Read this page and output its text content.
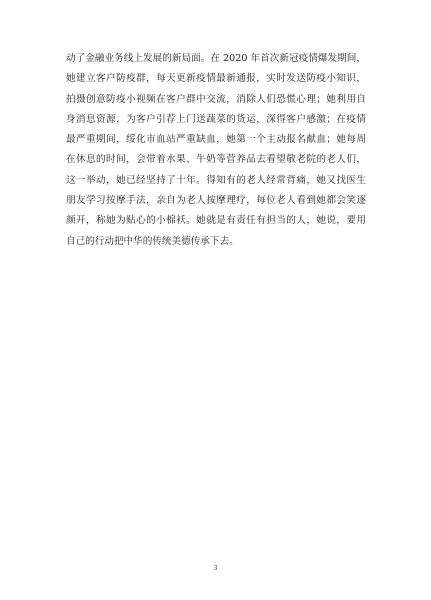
动了金融业务线上发展的新局面。在 2020 年首次新冠疫情爆发期间，
她建立客户防疫群，每天更新疫情最新通报，实时发送防疫小知识，
拍摄创意防疫小视频在客户群中交流，消除人们恐慌心理；她利用自
身消息资源，为客户引荐上门送蔬菜的货运，深得客户感激；在疫情
最严重期间，绥化市血站严重缺血，她第一个主动报名献血；她每周
在休息的时间，会带着水果、牛奶等营养品去看望敬老院的老人们，
这一举动，她已经坚持了十年。得知有的老人经常背痛，她又找医生
朋友学习按摩手法，亲自为老人按摩理疗，每位老人看到她都会笑逐
颜开，称她为贴心的小棉袄。她就是有责任有担当的人，她说，要用
自己的行动把中华的传统美德传承下去。
3
